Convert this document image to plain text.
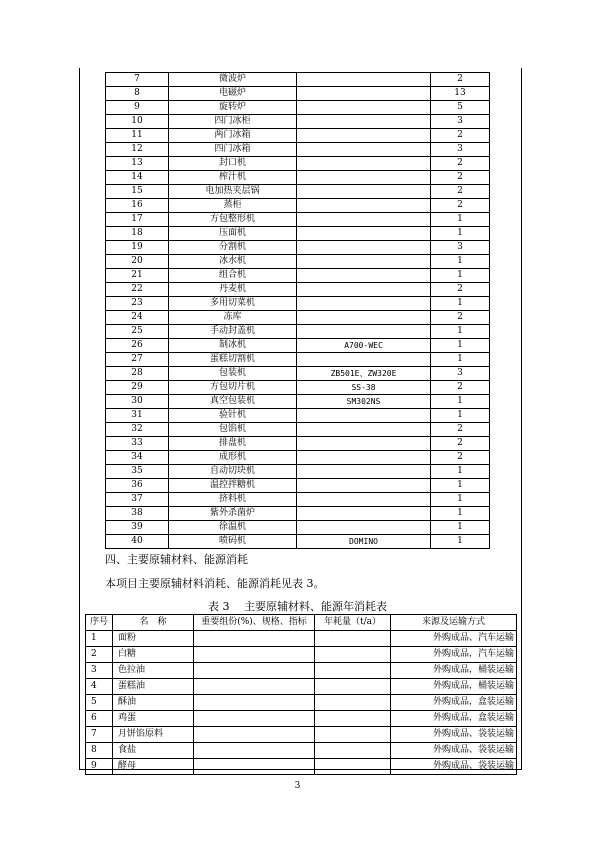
7	微波炉		2
8	电磁炉		13
9	旋转炉		5
10	四门冰柜		3
11	两门冰箱		2
12	四门冰箱		3
13	封口机		2
14	榨汁机		2
15	电加热夹层锅		2
16	蒸柜		2
17	方包整形机		1
18	压面机		1
19	分割机		3
20	冰水机		1
21	组合机		1
22	丹麦机		2
23	多用切菜机		1
24	冻库		2
25	手动封盖机		1
26	制冰机	A700-WEC	1
27	蛋糕切割机		1
28	包装机	ZB501E、ZW320E	3
29	方包切片机	SS-38	2
30	真空包装机	SM302NS	1
31	验针机		1
32	包馅机		2
33	排盘机		2
34	成形机		2
35	自动切块机		1
36	温控拌糖机		1
37	挤料机		1
38	紫外杀菌炉		1
39	徐温机		1
40	喷码机	DOMINO	1
四、主要原辅材料、能源消耗
本项目主要原辅材料消耗、能源消耗见表 3。
表 3　 主要原辅材料、能源年消耗表
序号	名　称	重要组份(%)、规格、指标	年耗量（t/a）	来源及运输方式
1	面粉			外购成品、汽车运输
2	白糖			外购成品，汽车运输
3	色拉油			外购成品，桶装运输
4	蛋糕油			外购成品，桶装运输
5	酥油			外购成品，盒装运输
6	鸡蛋			外购成品，盒装运输
7	月饼馅原料			外购成品、袋装运输
8	食盐			外购成品、袋装运输
9	酵母			外购成品、袋装运输
3
